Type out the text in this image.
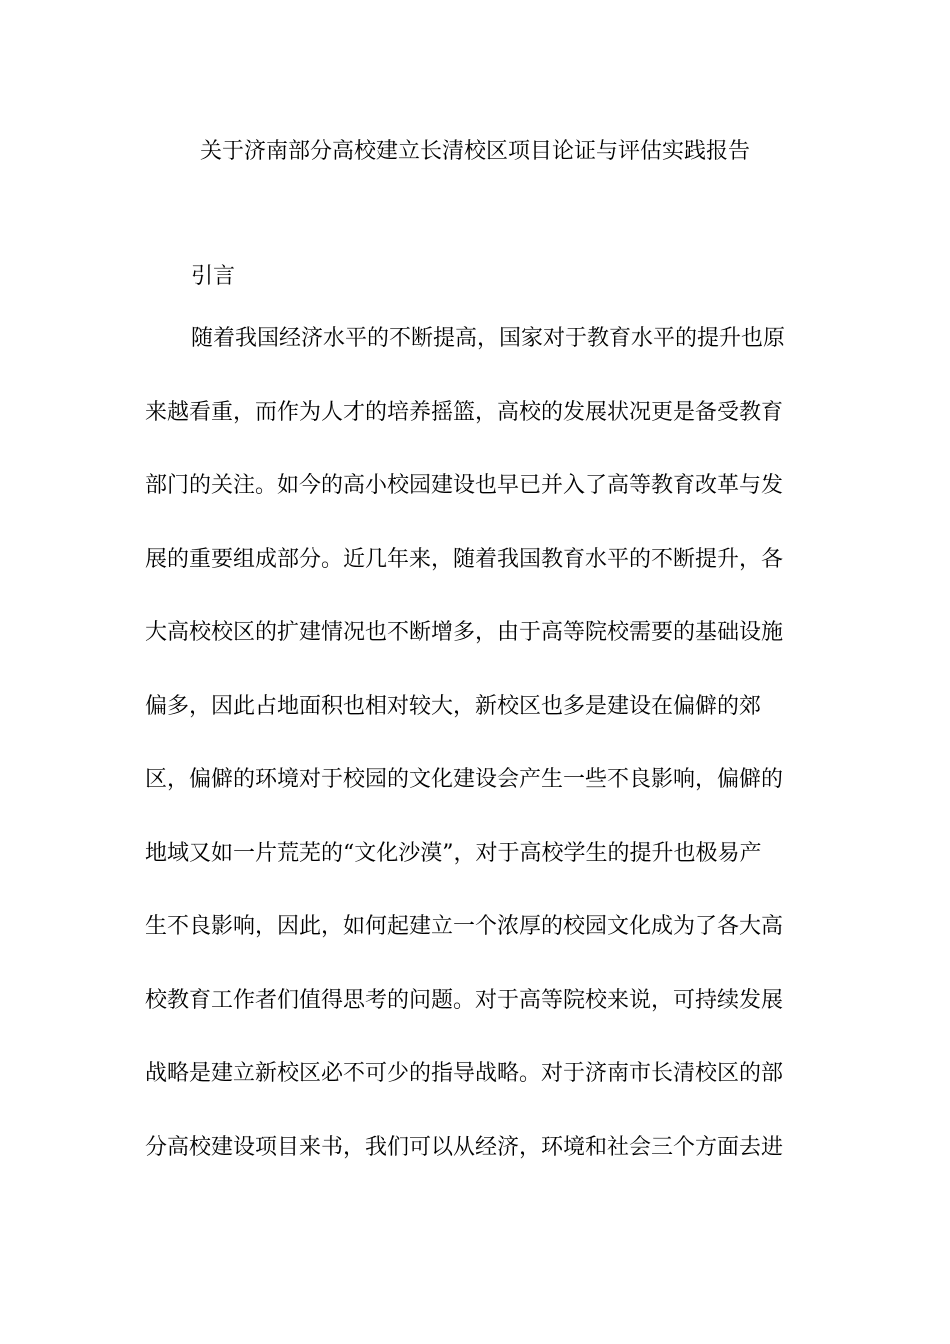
关于济南部分高校建立长清校区项目论证与评估实践报告
引言
随着我国经济水平的不断提高，国家对于教育水平的提升也原
来越看重，而作为人才的培养摇篮，高校的发展状况更是备受教育
部门的关注。如今的高小校园建设也早已并入了高等教育改革与发
展的重要组成部分。近几年来，随着我国教育水平的不断提升，各
大高校校区的扩建情况也不断增多，由于高等院校需要的基础设施
偏多，因此占地面积也相对较大，新校区也多是建设在偏僻的郊
区，偏僻的环境对于校园的文化建设会产生一些不良影响，偏僻的
地域又如一片荒芜的“文化沙漠”，对于高校学生的提升也极易产
生不良影响，因此，如何起建立一个浓厚的校园文化成为了各大高
校教育工作者们值得思考的问题。对于高等院校来说，可持续发展
战略是建立新校区必不可少的指导战略。对于济南市长清校区的部
分高校建设项目来书，我们可以从经济，环境和社会三个方面去进
